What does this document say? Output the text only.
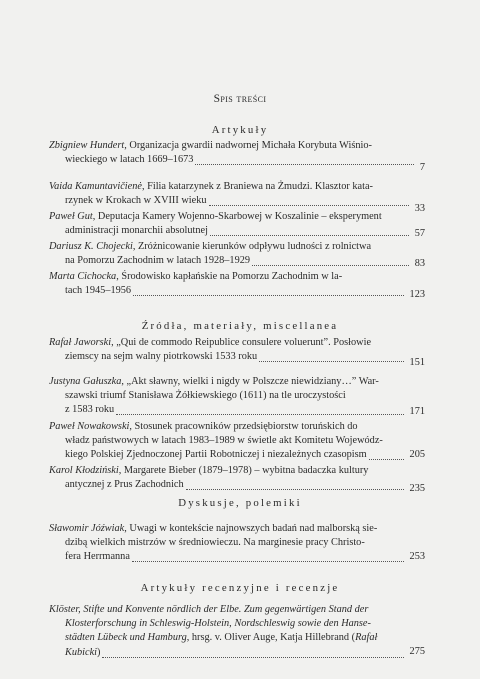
Spis treści
Artykuły
Zbigniew Hundert, Organizacja gwardii nadwornej Michała Korybuta Wiśnio-
wieckiego w latach 1669–1673
7
Vaida Kamuntavičienė, Filia katarzynek z Braniewa na Żmudzi. Klasztor kata-
rzynek w Krokach w XVIII wieku
33
Paweł Gut, Deputacja Kamery Wojenno-Skarbowej w Koszalinie – eksperyment
administracji monarchii absolutnej	57
Dariusz K. Chojecki, Zróżnicowanie kierunków odpływu ludności z rolnictwa
na Pomorzu Zachodnim w latach 1928–1929	83
Marta Cichocka, Środowisko kapłańskie na Pomorzu Zachodnim w la-
tach 1945–1956	123
Źródła, materiały, miscellanea
Rafał Jaworski, „Qui de commodo Reipublice consulere voluerunt”. Posłowie
ziemscy na sejm walny piotrkowski 1533 roku
151
Justyna Gałuszka, „Akt sławny, wielki i nigdy w Polszcze niewidziany…” War-
szawski triumf Stanisława Żółkiewskiego (1611) na tle uroczystości
z 1583 roku	171
Paweł Nowakowski, Stosunek pracowników przedsiębiorstw toruńskich do
władz państwowych w latach 1983–1989 w świetle akt Komitetu Wojewódz-
kiego Polskiej Zjednoczonej Partii Robotniczej i niezależnych czasopism	205
Karol Kłodziński, Margarete Bieber (1879–1978) – wybitna badaczka kultury
antycznej z Prus Zachodnich	235
Dyskusje, polemiki
Sławomir Jóźwiak, Uwagi w kontekście najnowszych badań nad malborską sie-
dzibą wielkich mistrzów w średniowieczu. Na marginesie pracy Christo-
fera Herrmanna	253
Artykuły recenzyjne i recenzje
Klöster, Stifte und Konvente nördlich der Elbe. Zum gegenwärtigen Stand der
Klosterforschung in Schleswig-Holstein, Nordschleswig sowie den Hanse-
städten Lübeck und Hamburg, hrsg. v. Oliver Auge, Katja Hillebrand (Rafał
Kubicki)	275
